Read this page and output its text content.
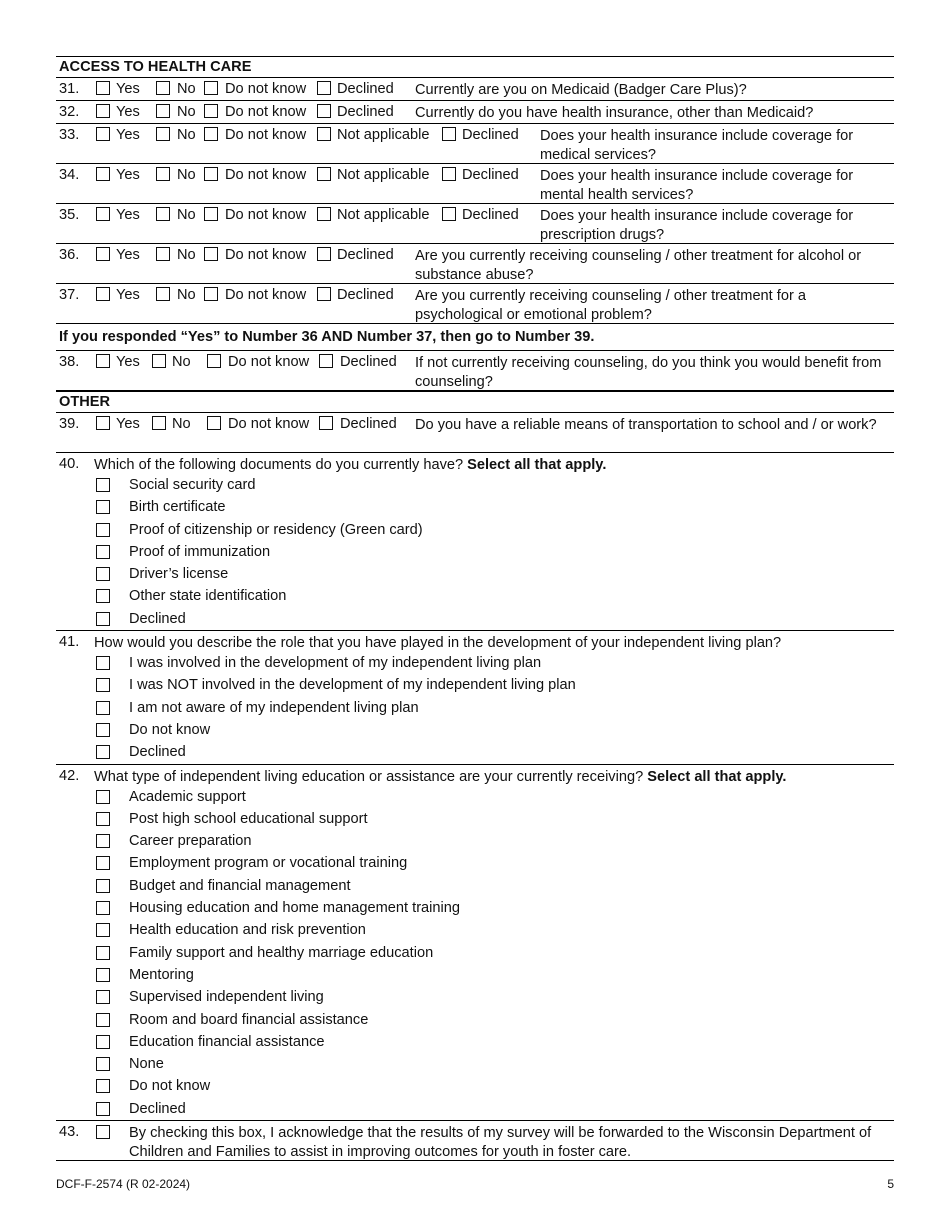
ACCESS TO HEALTH CARE
31.	Yes	No Do not know Declined Currently are you on Medicaid (Badger Care Plus)?
32.	Yes	No Do not know Declined Currently do you have health insurance, other than Medicaid?
33.	Yes	No Do not know Not applicable Declined Does your health insurance include coverage for medical services?
34.	Yes	No Do not know Not applicable Declined Does your health insurance include coverage for mental health services?
35.	Yes	No Do not know Not applicable Declined Does your health insurance include coverage for prescription drugs?
36.	Yes	No Do not know Declined Are you currently receiving counseling / other treatment for alcohol or substance abuse?
37.	Yes	No Do not know Declined Are you currently receiving counseling / other treatment for a psychological or emotional problem?
If you responded “Yes” to Number 36 AND Number 37, then go to Number 39.
38.	Yes No	Do not know Declined If not currently receiving counseling, do you think you would benefit from counseling?
OTHER
39.	Yes No	Do not know Declined Do you have a reliable means of transportation to school and / or work?
40. Which of the following documents do you currently have? Select all that apply.
Social security card
Birth certificate
Proof of citizenship or residency (Green card)
Proof of immunization
Driver’s license
Other state identification
Declined
41. How would you describe the role that you have played in the development of your independent living plan?
I was involved in the development of my independent living plan
I was NOT involved in the development of my independent living plan
I am not aware of my independent living plan
Do not know
Declined
42. What type of independent living education or assistance are your currently receiving? Select all that apply.
Academic support
Post high school educational support
Career preparation
Employment program or vocational training
Budget and financial management
Housing education and home management training
Health education and risk prevention
Family support and healthy marriage education
Mentoring
Supervised independent living
Room and board financial assistance
Education financial assistance
None
Do not know
Declined
43.	By checking this box, I acknowledge that the results of my survey will be forwarded to the Wisconsin Department of Children and Families to assist in improving outcomes for youth in foster care.
DCF-F-2574 (R 02-2024)	5
